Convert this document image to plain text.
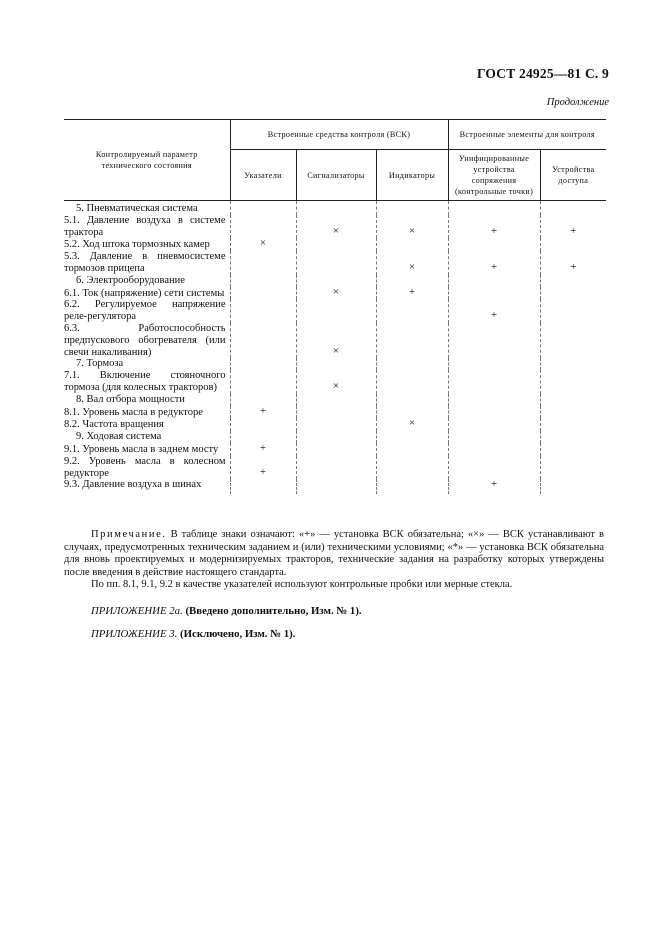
ГОСТ 24925—81 С. 9
Продолжение
Контролируемый параметр технического состояния	Встроенные средства контроля (ВСК)			Встроенные элементы для контроля	
	Указатели	Сигнализаторы	Индикаторы	Унифицированные устройства сопряжения (контрольные точки)	Устройства доступа
5. Пневматическая система					
5.1. Давление воздуха в системе трактора		×	×	+	+
5.2. Ход штока тормозных камер	×				
5.3. Давление в пневмосистеме тормозов прицепа			×	+	+
6. Электрооборудование					
6.1. Ток (напряжение) сети системы		×	+		
6.2. Регулируемое напряжение реле-регулятора				+	
6.3. Работоспособность предпускового обогревателя (или свечи накаливания)		×			
7. Тормоза					
7.1. Включение стояночного тормоза (для колесных тракторов)		×			
8. Вал отбора мощности					
8.1. Уровень масла в редукторе	+				
8.2. Частота вращения			×		
9. Ходовая система					
9.1. Уровень масла в заднем мосту	+				
9.2. Уровень масла в колесном редукторе	+				
9.3. Давление воздуха в шинах				+	

Примечание. В таблице знаки означают: «+» — установка ВСК обязательна; «×» — ВСК устанавливают в случаях, предусмотренных техническим заданием и (или) техническими условиями; «*» — установка ВСК обязательна для вновь проектируемых и модернизируемых тракторов, технические задания на разработку которых утверждены после введения в действие настоящего стандарта.

По пп. 8.1, 9.1, 9.2 в качестве указателей используют контрольные пробки или мерные стекла.

ПРИЛОЖЕНИЕ 2а. (Введено дополнительно, Изм. № 1).
ПРИЛОЖЕНИЕ 3. (Исключено, Изм. № 1).
